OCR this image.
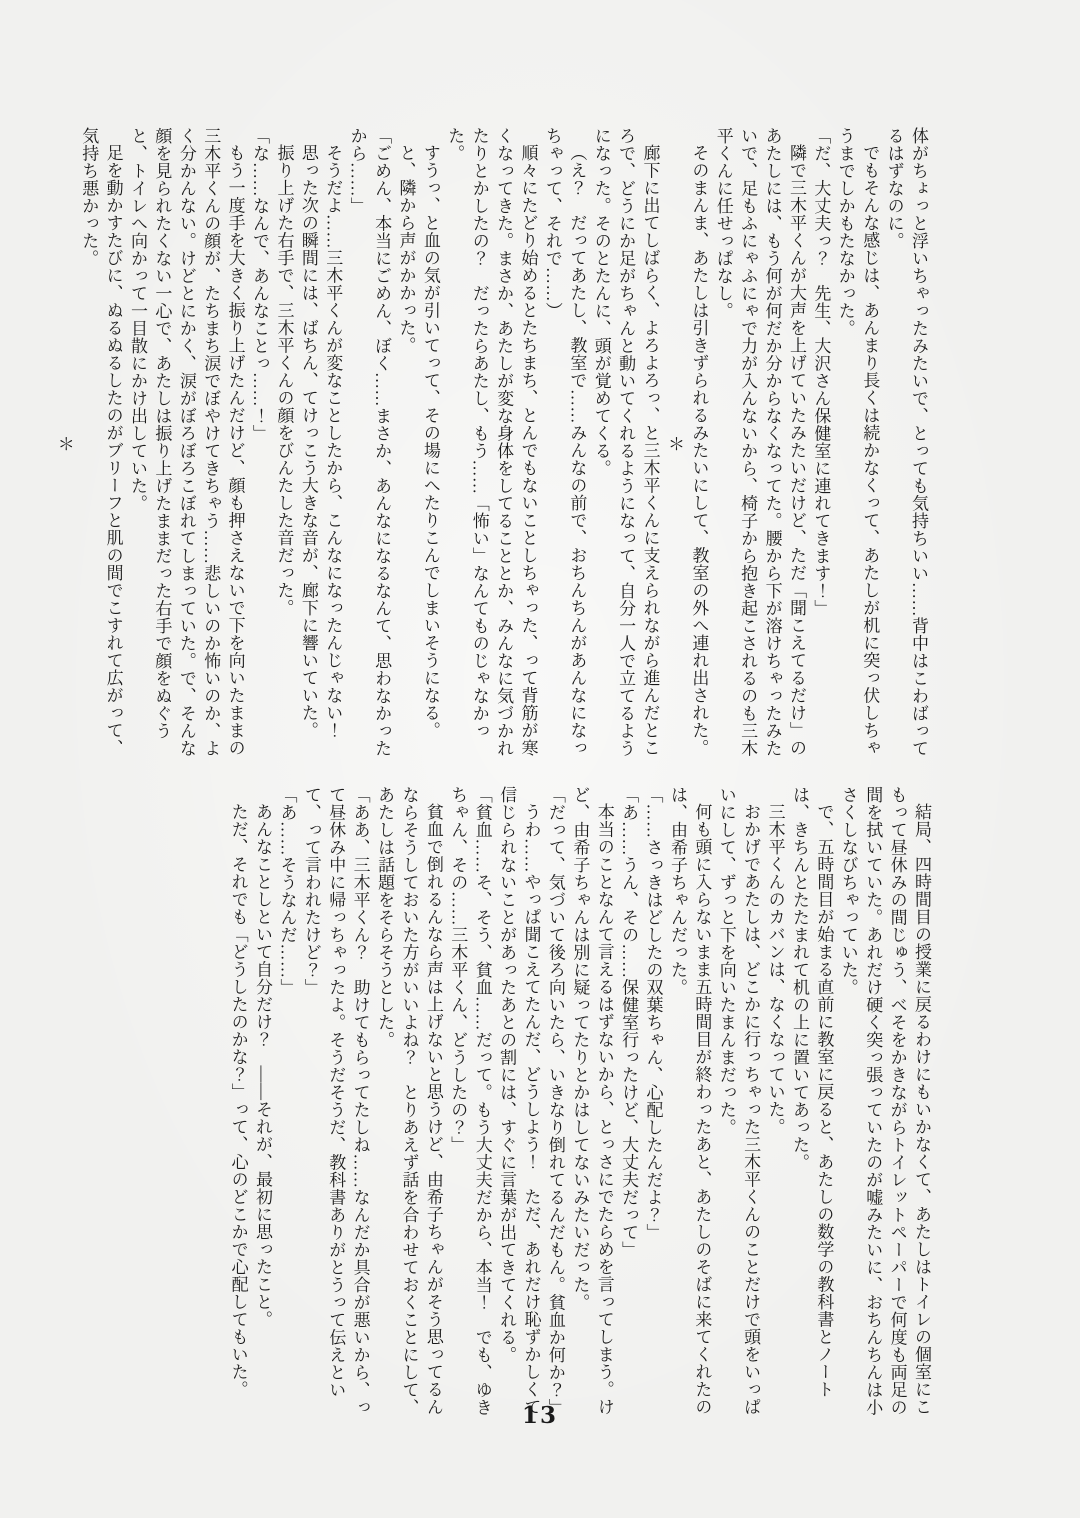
体がちょっと浮いちゃったみたいで、とっても気持ちいい……背中はこわばってるはずなのに。

でもそんな感じは、あんまり長くは続かなくって、あたしが机に突っ伏しちゃうまでしかもたなかった。

「だ、大丈夫っ？　先生、大沢さん保健室に連れてきます！」

隣で三木平くんが大声を上げていたみたいだけど、ただ「聞こえてるだけ」のあたしには、もう何が何だか分からなくなってた。腰から下が溶けちゃったみたいで、足もふにゃふにゃで力が入んないから、椅子から抱き起こされるのも三木平くんに任せっぱなし。

そのまんま、あたしは引きずられるみたいにして、教室の外へ連れ出された。

＊

廊下に出てしばらく、よろよろっ、と三木平くんに支えられながら進んだところで、どうにか足がちゃんと動いてくれるようになって、自分一人で立てるようになった。そのとたんに、頭が覚めてくる。

（え？　だってあたし、教室で……みんなの前で、おちんちんがあんなになっちゃって、それで……）

順々にたどり始めるとたちまち、とんでもないことしちゃった、って背筋が寒くなってきた。まさか、あたしが変な身体をしてることとか、みんなに気づかれたりとかしたの？　だったらあたし、もう……「怖い」なんてものじゃなかった。

すうっ、と血の気が引いてって、その場にへたりこんでしまいそうになる。

と、隣から声がかかった。

「ごめん、本当にごめん、ぼく……まさか、あんなになるなんて、思わなかったから……」

そうだよ……三木平くんが変なことしたから、こんなになったんじゃない！

思った次の瞬間には、ばちん、てけっこう大きな音が、廊下に響いていた。

振り上げた右手で、三木平くんの顔をびんたした音だった。

「な……なんで、あんなことっ……！」

もう一度手を大きく振り上げたんだけど、顔も押さえないで下を向いたままの三木平くんの顔が、たちまち涙でぼやけてきちゃう……悲しいのか怖いのか、よく分かんない。けどとにかく、涙がぼろぼろこぼれてしまっていた。で、そんな顔を見られたくない一心で、あたしは振り上げたままだった右手で顔をぬぐうと、トイレへ向かって一目散にかけ出していた。

足を動かすたびに、ぬるぬるしたのがブリーフと肌の間でこすれて広がって、気持ち悪かった。

＊

結局、四時間目の授業に戻るわけにもいかなくて、あたしはトイレの個室にこもって昼休みの間じゅう、べそをかきながらトイレットペーパーで何度も両足の間を拭いていた。あれだけ硬く突っ張っていたのが嘘みたいに、おちんちんは小さくしなびちゃっていた。

で、五時間目が始まる直前に教室に戻ると、あたしの数学の教科書とノートは、きちんとたたまれて机の上に置いてあった。

三木平くんのカバンは、なくなっていた。

おかげであたしは、どこかに行っちゃった三木平くんのことだけで頭をいっぱいにして、ずっと下を向いたまんまだった。

何も頭に入らないまま五時間目が終わったあと、あたしのそばに来てくれたのは、由希子ちゃんだった。

「……さっきはどしたの双葉ちゃん、心配したんだよ？」

「あ……うん、その……保健室行ったけど、大丈夫だって」

本当のことなんて言えるはずないから、とっさにでたらめを言ってしまう。けど、由希子ちゃんは別に疑ってたりとかはしてないみたいだった。

「だって、気づいて後ろ向いたら、いきなり倒れてるんだもん。貧血か何か？」

うわ……やっぱ聞こえてたんだ、どうしよう！　ただ、あれだけ恥ずかしくて信じられないことがあったあとの割には、すぐに言葉が出てきてくれる。

「貧血……そ、そう、貧血……だって。もう大丈夫だから、本当！　でも、ゆきちゃん、その……三木平くん、どうしたの？」

貧血で倒れるんなら声は上げないと思うけど、由希子ちゃんがそう思ってるんならそうしておいた方がいいよね？　とりあえず話を合わせておくことにして、あたしは話題をそらそうとした。

「ああ、三木平くん？　助けてもらってたしね……なんだか具合が悪いから、って昼休み中に帰っちゃったよ。そうだそうだ、教科書ありがとうって伝えといて、って言われたけど？」

「あ……そうなんだ……」

あんなことしといて自分だけ？　――それが、最初に思ったこと。

ただ、それでも「どうしたのかな？」って、心のどこかで心配してもいた。

13
